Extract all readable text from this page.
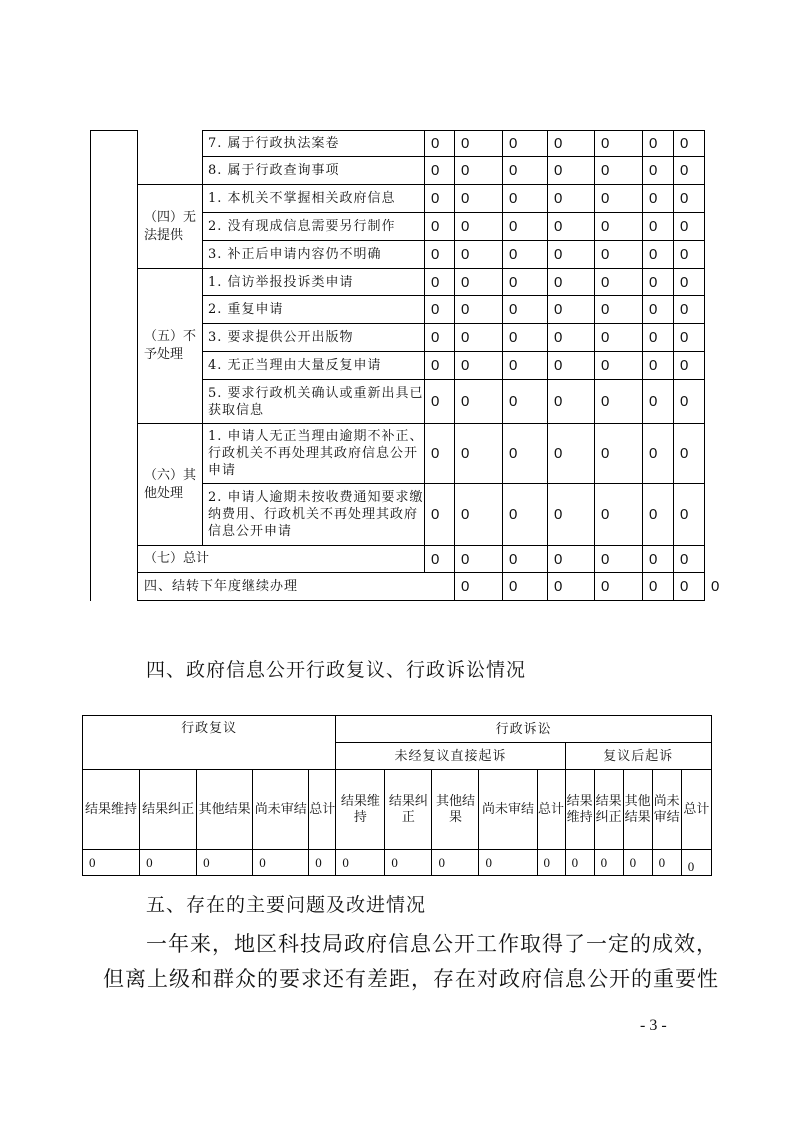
		7. 属于行政执法案卷	0	0	0	0	0	0	0	
		8. 属于行政查询事项	0	0	0	0	0	0	0	
	（四）无法提供	1. 本机关不掌握相关政府信息	0	0	0	0	0	0	0	
		2. 没有现成信息需要另行制作	0	0	0	0	0	0	0	
		3. 补正后申请内容仍不明确	0	0	0	0	0	0	0	
	（五）不予处理	1. 信访举报投诉类申请	0	0	0	0	0	0	0	
		2. 重复申请	0	0	0	0	0	0	0	
		3. 要求提供公开出版物	0	0	0	0	0	0	0	
		4. 无正当理由大量反复申请	0	0	0	0	0	0	0	
		5. 要求行政机关确认或重新出具已获取信息	0	0	0	0	0	0	0	
	（六）其他处理	1. 申请人无正当理由逾期不补正、行政机关不再处理其政府信息公开申请	0	0	0	0	0	0	0	
		2. 申请人逾期未按收费通知要求缴纳费用、行政机关不再处理其政府信息公开申请	0	0	0	0	0	0	0	
	（七）总计		0	0	0	0	0	0	0	
	四、结转下年度继续办理			0	0	0	0	0	0	0
四、政府信息公开行政复议、行政诉讼情况
行政复议					行政诉讼									
					未经复议直接起诉					复议后起诉				
结果维持	结果纠正	其他结果	尚未审结	总计	结果维持	结果纠正	其他结果	尚未审结	总计	结果维持	结果纠正	其他结果	尚未审结	总计
0	0	0	0	0	0	0	0	0	0	0	0	0	0	0
五、存在的主要问题及改进情况

一年来，地区科技局政府信息公开工作取得了一定的成效，

但离上级和群众的要求还有差距，存在对政府信息公开的重要性

- 3 -
